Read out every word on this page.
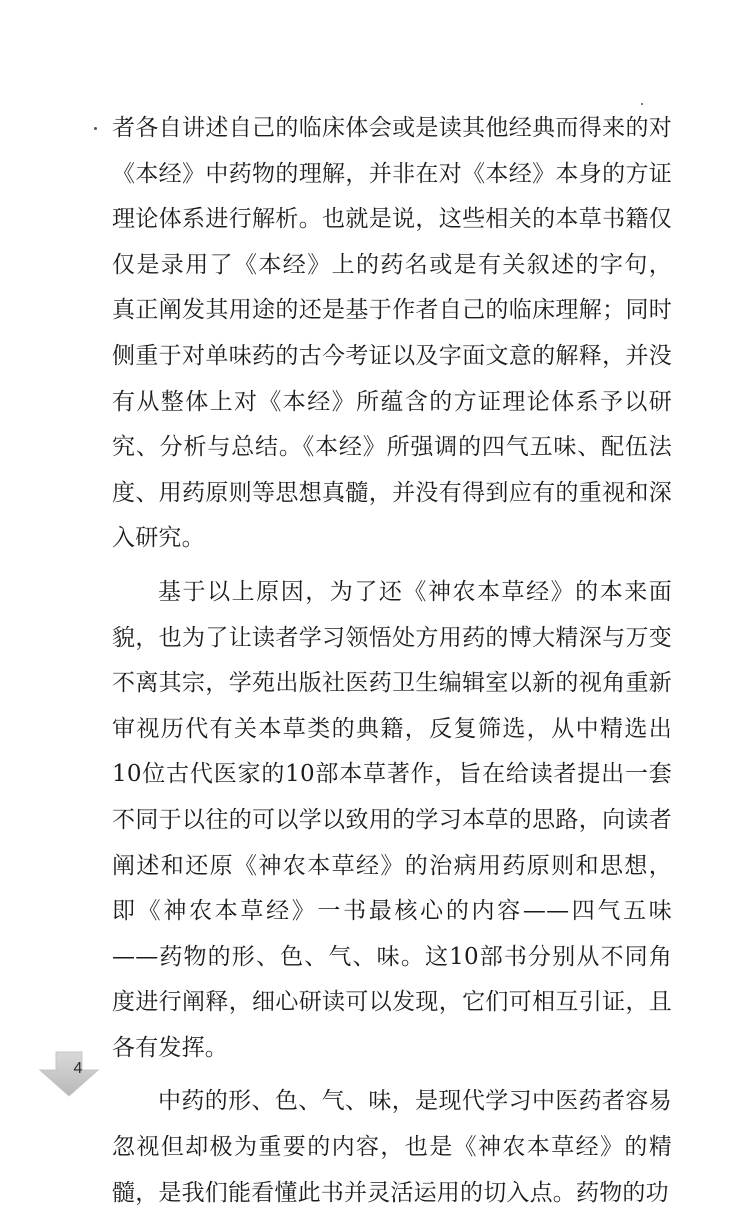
者各自讲述自己的临床体会或是读其他经典而得来的对
《本经》中药物的理解，并非在对《本经》本身的方证
理论体系进行解析。也就是说，这些相关的本草书籍仅
仅是录用了《本经》上的药名或是有关叙述的字句，
真正阐发其用途的还是基于作者自己的临床理解；同时
侧重于对单味药的古今考证以及字面文意的解释，并没
有从整体上对《本经》所蕴含的方证理论体系予以研
究、分析与总结。《本经》所强调的四气五味、配伍法
度、用药原则等思想真髓，并没有得到应有的重视和深
入研究。
基于以上原因，为了还《神农本草经》的本来面
貌，也为了让读者学习领悟处方用药的博大精深与万变
不离其宗，学苑出版社医药卫生编辑室以新的视角重新
审视历代有关本草类的典籍，反复筛选，从中精选出
10位古代医家的10部本草著作，旨在给读者提出一套
不同于以往的可以学以致用的学习本草的思路，向读者
阐述和还原《神农本草经》的治病用药原则和思想，
即《神农本草经》一书最核心的内容——四气五味
——药物的形、色、气、味。这10部书分别从不同角
度进行阐释，细心研读可以发现，它们可相互引证，且
各有发挥。
中药的形、色、气、味，是现代学习中医药者容易
忽视但却极为重要的内容，也是《神农本草经》的精
髓，是我们能看懂此书并灵活运用的切入点。药物的功
4
